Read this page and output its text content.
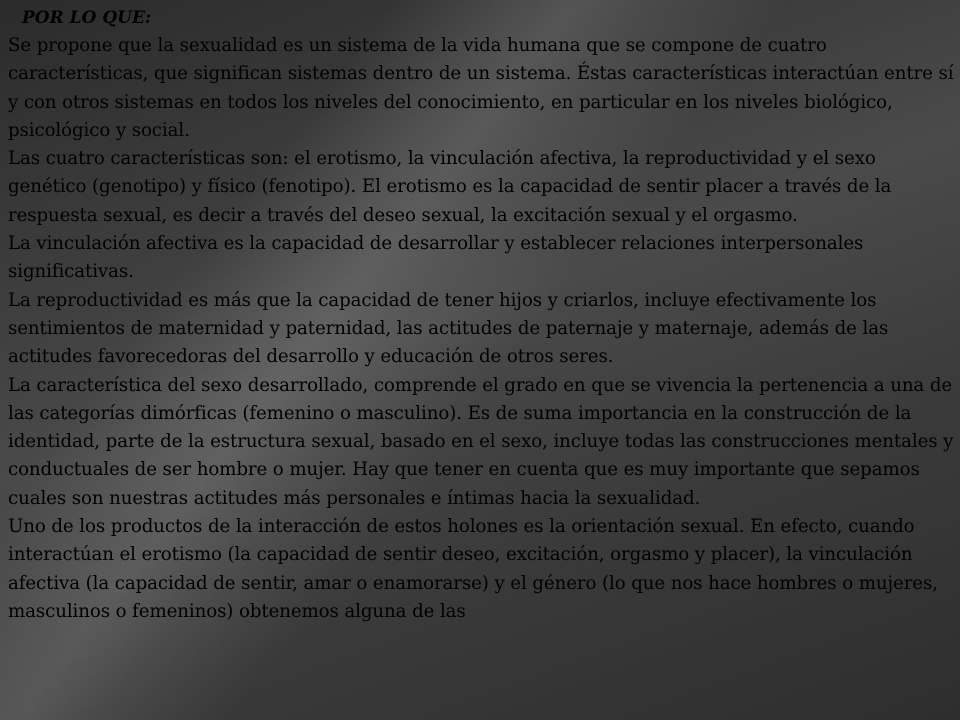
POR LO QUE:

Se propone que la sexualidad es un sistema de la vida humana que se compone de cuatro características, que significan sistemas dentro de un sistema. Éstas características interactúan entre sí y con otros sistemas en todos los niveles del conocimiento, en particular en los niveles biológico, psicológico y social.

Las cuatro características son: el erotismo, la vinculación afectiva, la reproductividad y el sexo genético (genotipo) y físico (fenotipo). El erotismo es la capacidad de sentir placer a través de la respuesta sexual, es decir a través del deseo sexual, la excitación sexual y el orgasmo.

La vinculación afectiva es la capacidad de desarrollar y establecer relaciones interpersonales significativas.

La reproductividad es más que la capacidad de tener hijos y criarlos, incluye efectivamente los sentimientos de maternidad y paternidad, las actitudes de paternaje y maternaje, además de las actitudes favorecedoras del desarrollo y educación de otros seres.

La característica del sexo desarrollado, comprende el grado en que se vivencia la pertenencia a una de las categorías dimórficas (femenino o masculino). Es de suma importancia en la construcción de la identidad, parte de la estructura sexual, basado en el sexo, incluye todas las construcciones mentales y conductuales de ser hombre o mujer. Hay que tener en cuenta que es muy importante que sepamos cuales son nuestras actitudes más personales e íntimas hacia la sexualidad.

Uno de los productos de la interacción de estos holones es la orientación sexual. En efecto, cuando interactúan el erotismo (la capacidad de sentir deseo, excitación, orgasmo y placer), la vinculación afectiva (la capacidad de sentir, amar o enamorarse) y el género (lo que nos hace hombres o mujeres, masculinos o femeninos) obtenemos alguna de las
